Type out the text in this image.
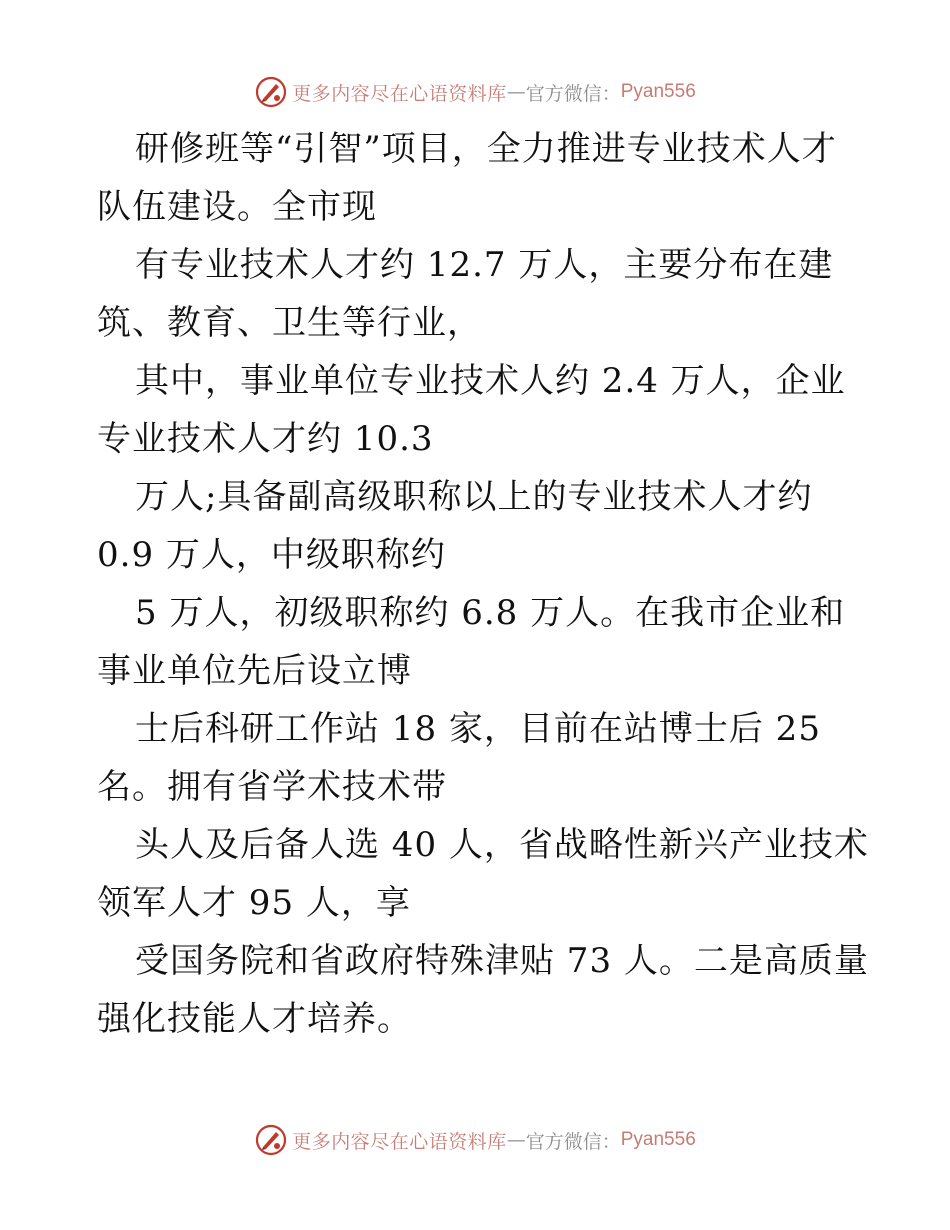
更多内容尽在心语资料库 — 官方微信： Pyan556
研修班等“引智”项目，全力推进专业技术人才
队伍建设。全市现
有专业技术人才约 12.7 万人，主要分布在建
筑、教育、卫生等行业，
其中，事业单位专业技术人约 2.4 万人，企业
专业技术人才约 10.3
万人;具备副高级职称以上的专业技术人才约
0.9 万人，中级职称约
5 万人，初级职称约 6.8 万人。在我市企业和
事业单位先后设立博
士后科研工作站 18 家，目前在站博士后 25
名。拥有省学术技术带
头人及后备人选 40 人，省战略性新兴产业技术
领军人才 95 人，享
受国务院和省政府特殊津贴 73 人。二是高质量
强化技能人才培养。
更多内容尽在心语资料库 — 官方微信： Pyan556
